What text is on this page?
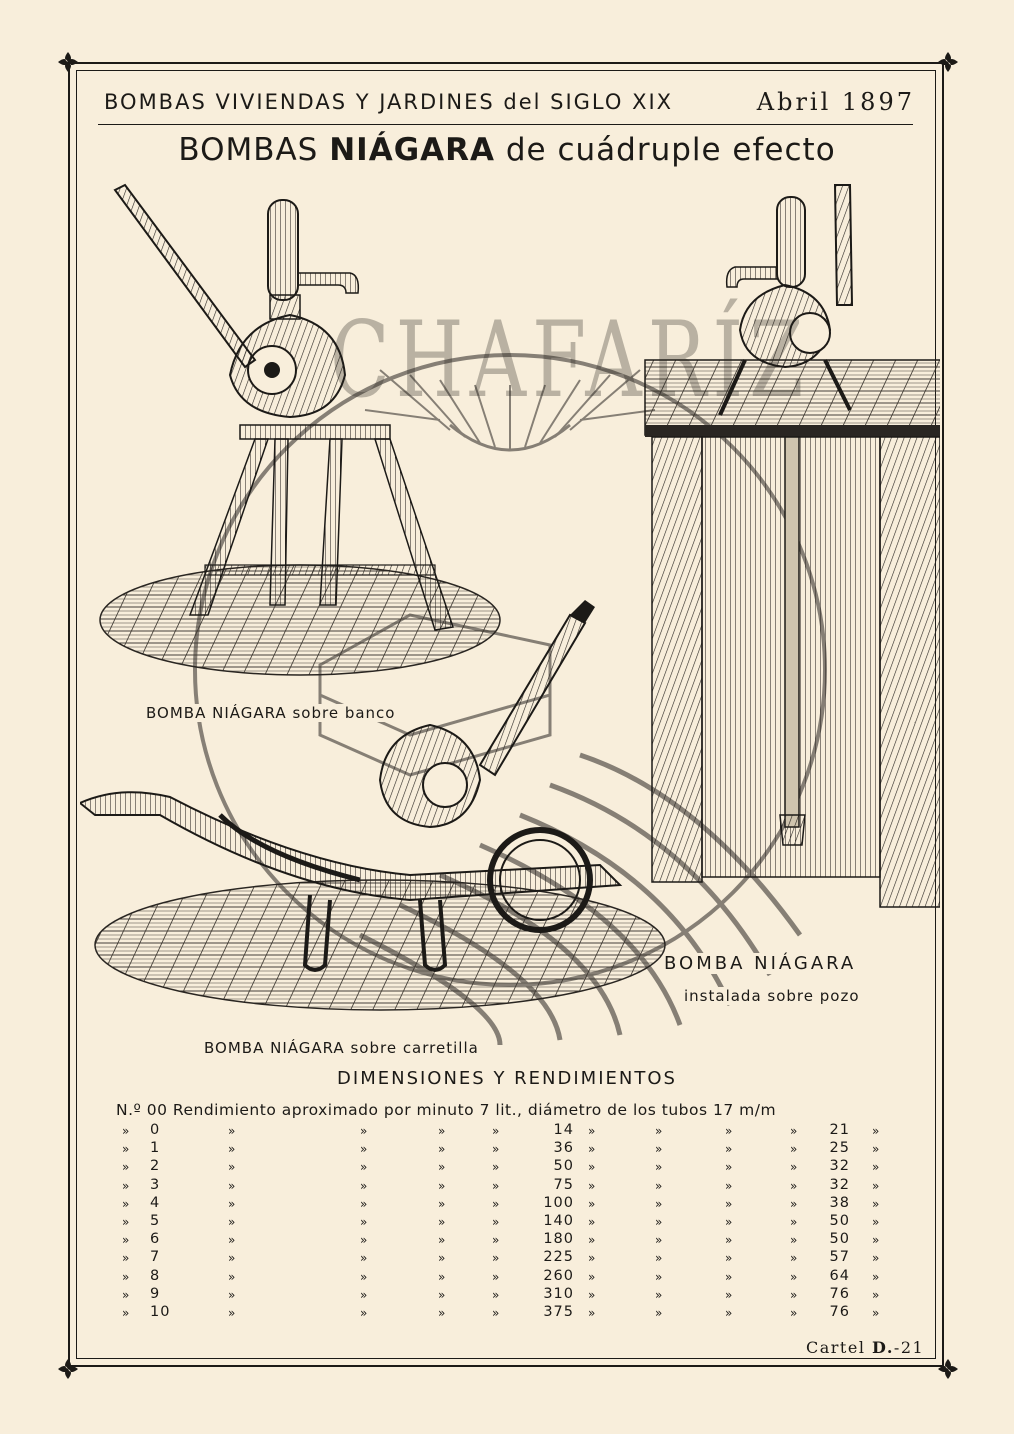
BOMBAS VIVIENDAS Y JARDINES del SIGLO XIX	Abril 1897
BOMBAS NIÁGARA de cuádruple efecto
CHAFARÍZ
BOMBA NIÁGARA sobre banco
BOMBA NIÁGARA sobre carretilla
BOMBA NIÁGARA
instalada sobre pozo
DIMENSIONES Y RENDIMIENTOS
N.º 00 Rendimiento aproximado por minuto 7 lit., diámetro de los tubos 17 m/m
» 0	»	»	»	»	14 »	»	»	» 21 »
» 1	»	»	»	»	36 »	»	»	» 25 »
» 2	»	»	»	»	50 »	»	»	» 32 »
» 3	»	»	»	»	75 »	»	»	» 32 »
» 4	»	»	»	»	100 »	»	»	» 38 »
» 5	»	»	»	»	140 »	»	»	» 50 »
» 6	»	»	»	»	180 »	»	»	» 50 »
» 7	»	»	»	»	225 »	»	»	» 57 »
» 8	»	»	»	»	260 »	»	»	» 64 »
» 9	»	»	»	»	310 »	»	»	» 76 »
» 10	»	»	»	»	375 »	»	»	» 76 »
Cartel D.-21
